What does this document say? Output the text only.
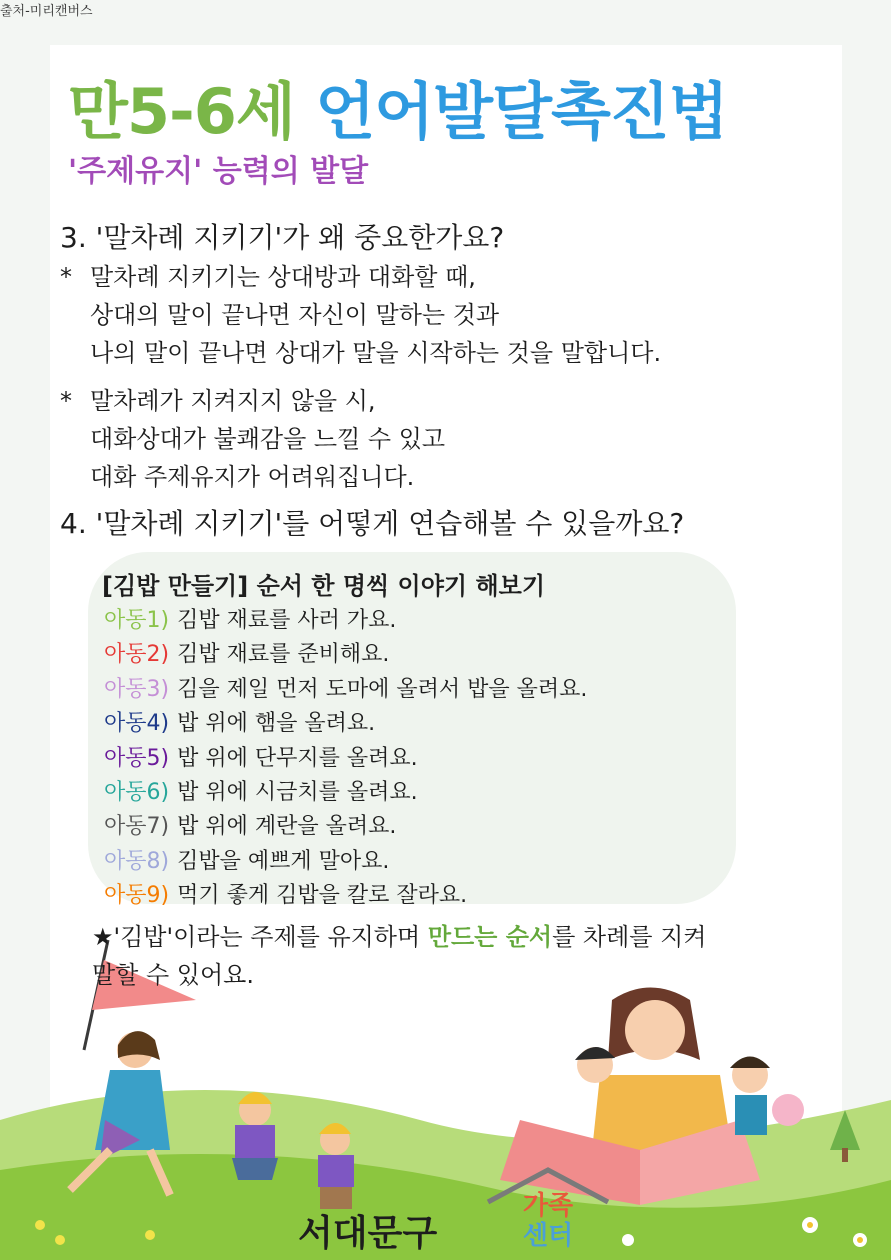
출처-미리캔버스
만5-6세 언어발달촉진법
'주제유지' 능력의 발달
3. '말차례 지키기'가 왜 중요한가요?
* 말차례 지키기는 상대방과 대화할 때,
상대의 말이 끝나면 자신이 말하는 것과
나의 말이 끝나면 상대가 말을 시작하는 것을 말합니다.
* 말차례가 지켜지지 않을 시,
대화상대가 불쾌감을 느낄 수 있고
대화 주제유지가 어려워집니다.
4. '말차례 지키기'를 어떻게 연습해볼 수 있을까요?
[김밥 만들기] 순서 한 명씩 이야기 해보기
아동1) 김밥 재료를 사러 가요.
아동2) 김밥 재료를 준비해요.
아동3) 김을 제일 먼저 도마에 올려서 밥을 올려요.
아동4) 밥 위에 햄을 올려요.
아동5) 밥 위에 단무지를 올려요.
아동6) 밥 위에 시금치를 올려요.
아동7) 밥 위에 계란을 올려요.
아동8) 김밥을 예쁘게 말아요.
아동9) 먹기 좋게 김밥을 칼로 잘라요.
★'김밥'이라는 주제를 유지하며 만드는 순서를 차례를 지켜
말할 수 있어요.
서대문구
가족
센터
